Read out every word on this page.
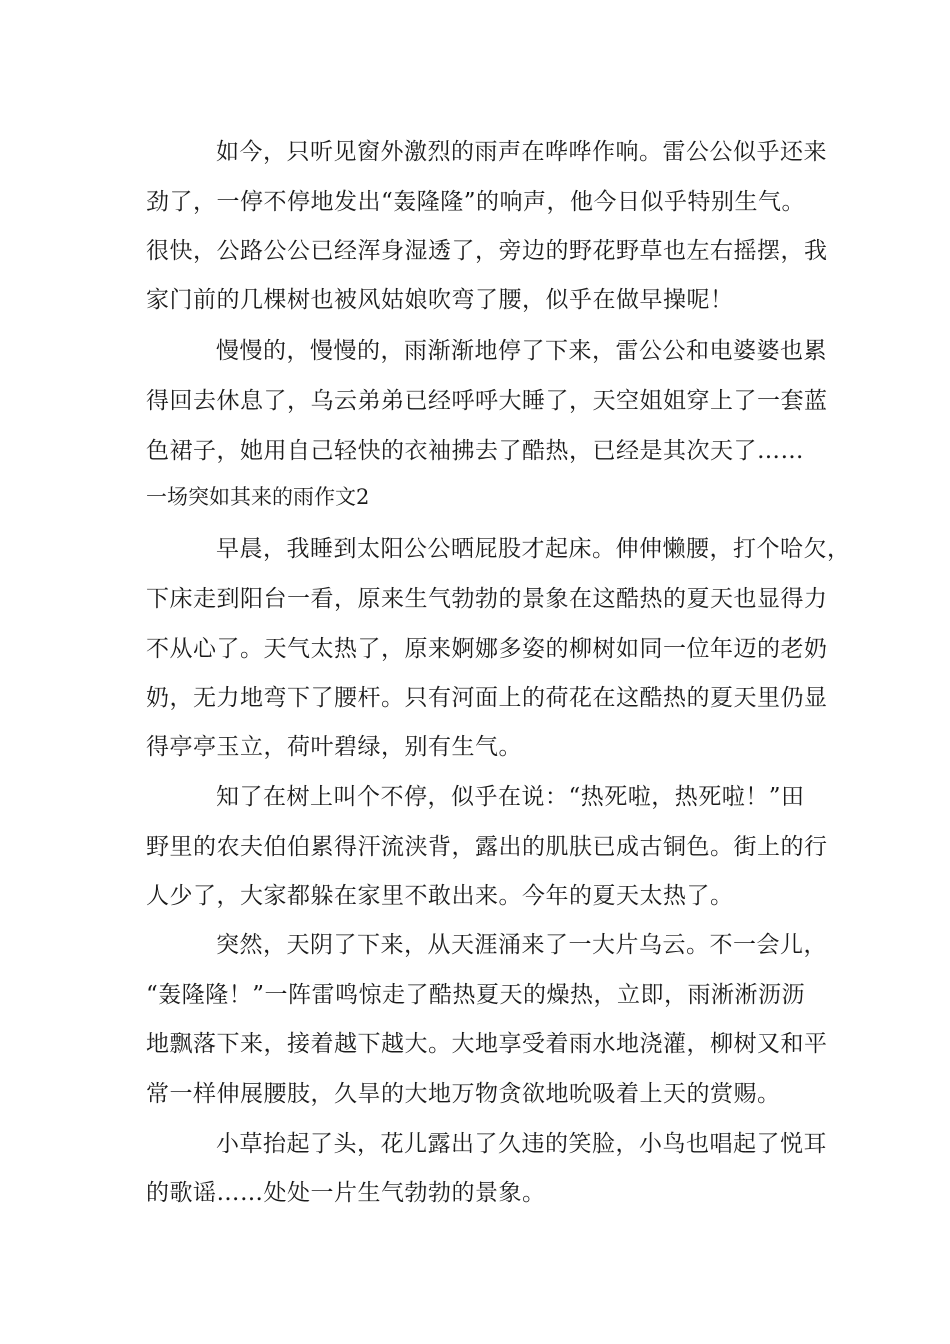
如今，只听见窗外激烈的雨声在哗哗作响。雷公公似乎还来
劲了，一停不停地发出“轰隆隆”的响声，他今日似乎特别生气。
很快，公路公公已经浑身湿透了，旁边的野花野草也左右摇摆，我
家门前的几棵树也被风姑娘吹弯了腰，似乎在做早操呢！
慢慢的，慢慢的，雨渐渐地停了下来，雷公公和电婆婆也累
得回去休息了，乌云弟弟已经呼呼大睡了，天空姐姐穿上了一套蓝
色裙子，她用自己轻快的衣袖拂去了酷热，已经是其次天了……
一场突如其来的雨作文2
早晨，我睡到太阳公公晒屁股才起床。伸伸懒腰，打个哈欠，
下床走到阳台一看，原来生气勃勃的景象在这酷热的夏天也显得力
不从心了。天气太热了，原来婀娜多姿的柳树如同一位年迈的老奶
奶，无力地弯下了腰杆。只有河面上的荷花在这酷热的夏天里仍显
得亭亭玉立，荷叶碧绿，别有生气。
知了在树上叫个不停，似乎在说：“热死啦，热死啦！”田
野里的农夫伯伯累得汗流浃背，露出的肌肤已成古铜色。街上的行
人少了，大家都躲在家里不敢出来。今年的夏天太热了。
突然，天阴了下来，从天涯涌来了一大片乌云。不一会儿，
“轰隆隆！”一阵雷鸣惊走了酷热夏天的燥热，立即，雨淅淅沥沥
地飘落下来，接着越下越大。大地享受着雨水地浇灌，柳树又和平
常一样伸展腰肢，久旱的大地万物贪欲地吮吸着上天的赏赐。
小草抬起了头，花儿露出了久违的笑脸，小鸟也唱起了悦耳
的歌谣……处处一片生气勃勃的景象。
